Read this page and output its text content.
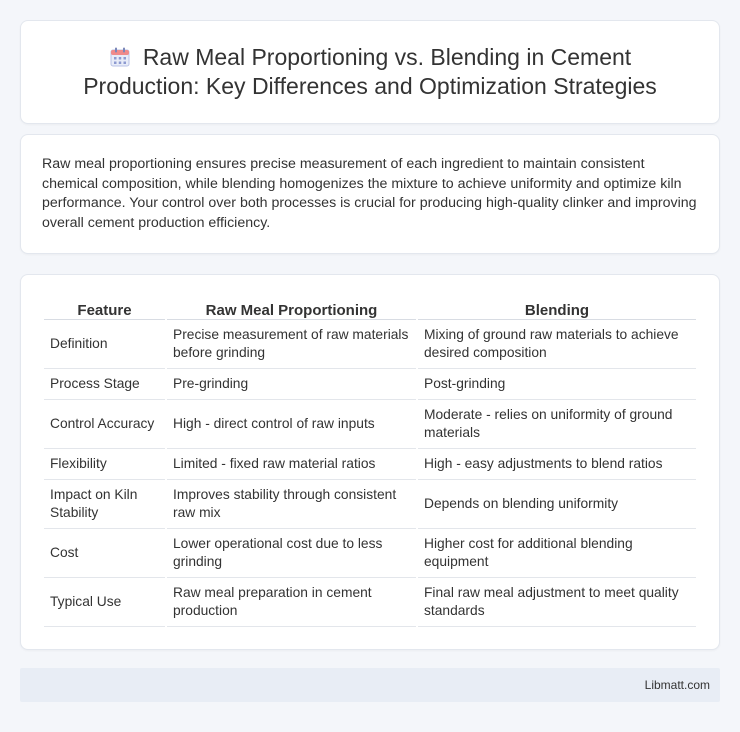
Raw Meal Proportioning vs. Blending in Cement Production: Key Differences and Optimization Strategies

Raw meal proportioning ensures precise measurement of each ingredient to maintain consistent chemical composition, while blending homogenizes the mixture to achieve uniformity and optimize kiln performance. Your control over both processes is crucial for producing high-quality clinker and improving overall cement production efficiency.

Feature	Raw Meal Proportioning	Blending
Definition	Precise measurement of raw materials before grinding	Mixing of ground raw materials to achieve desired composition
Process Stage	Pre-grinding	Post-grinding
Control Accuracy	High - direct control of raw inputs	Moderate - relies on uniformity of ground materials
Flexibility	Limited - fixed raw material ratios	High - easy adjustments to blend ratios
Impact on Kiln Stability	Improves stability through consistent raw mix	Depends on blending uniformity
Cost	Lower operational cost due to less grinding	Higher cost for additional blending equipment
Typical Use	Raw meal preparation in cement production	Final raw meal adjustment to meet quality standards
Libmatt.com
